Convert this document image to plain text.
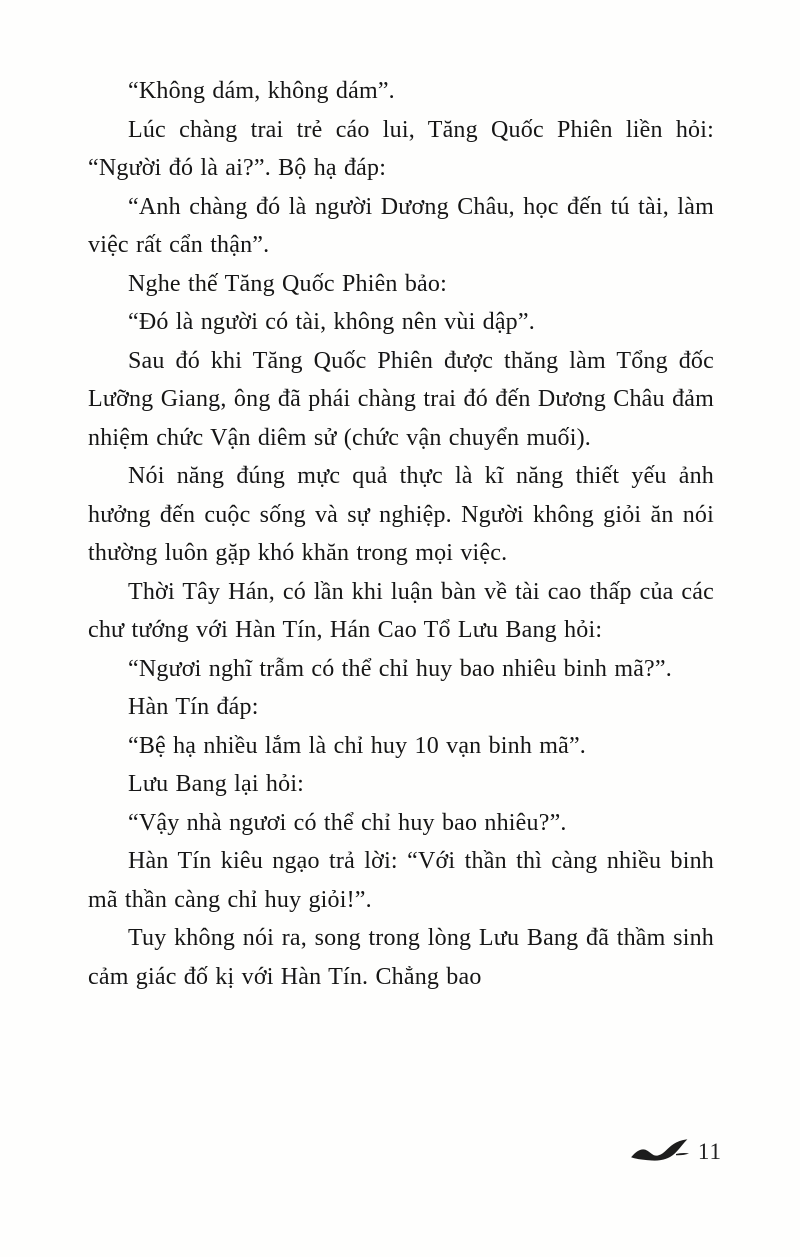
“Không dám, không dám”.

Lúc chàng trai trẻ cáo lui, Tăng Quốc Phiên liền hỏi: “Người đó là ai?”. Bộ hạ đáp:

“Anh chàng đó là người Dương Châu, học đến tú tài, làm việc rất cẩn thận”.

Nghe thế Tăng Quốc Phiên bảo:

“Đó là người có tài, không nên vùi dập”.

Sau đó khi Tăng Quốc Phiên được thăng làm Tổng đốc Lưỡng Giang, ông đã phái chàng trai đó đến Dương Châu đảm nhiệm chức Vận diêm sử (chức vận chuyển muối).

Nói năng đúng mực quả thực là kĩ năng thiết yếu ảnh hưởng đến cuộc sống và sự nghiệp. Người không giỏi ăn nói thường luôn gặp khó khăn trong mọi việc.

Thời Tây Hán, có lần khi luận bàn về tài cao thấp của các chư tướng với Hàn Tín, Hán Cao Tổ Lưu Bang hỏi:

“Ngươi nghĩ trẫm có thể chỉ huy bao nhiêu binh mã?”.

Hàn Tín đáp:

“Bệ hạ nhiều lắm là chỉ huy 10 vạn binh mã”.

Lưu Bang lại hỏi:

“Vậy nhà ngươi có thể chỉ huy bao nhiêu?”.

Hàn Tín kiêu ngạo trả lời: “Với thần thì càng nhiều binh mã thần càng chỉ huy giỏi!”.

Tuy không nói ra, song trong lòng Lưu Bang đã thầm sinh cảm giác đố kị với Hàn Tín. Chẳng bao

11
